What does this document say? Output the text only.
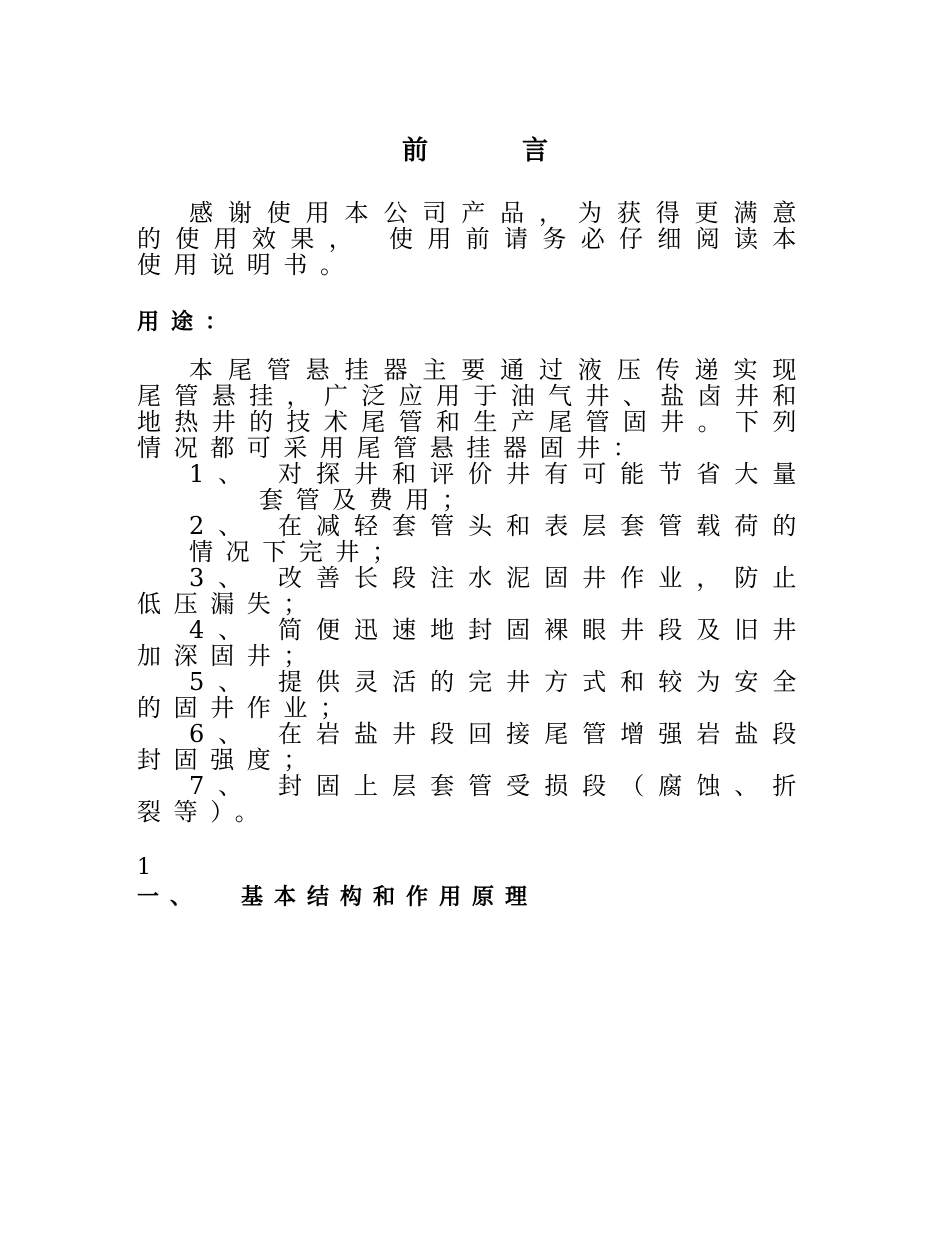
前	言
感谢使用本公司产品，为获得更满意的使用效果， 使用前请务必仔细阅读本使用说明书。
用途：
本尾管悬挂器主要通过液压传递实现尾管悬挂，广泛应用于油气井、盐卤井和地热井的技术尾管和生产尾管固井。下列情况都可采用尾管悬挂器固井：
1、 对探井和评价井有可能节省大量套管及费用；
2、 在减轻套管头和表层套管载荷的情况下完井；
3、 改善长段注水泥固井作业，防止低压漏失；
4、 简便迅速地封固裸眼井段及旧井加深固井；
5、 提供灵活的完井方式和较为安全的固井作业；
6、 在岩盐井段回接尾管增强岩盐段封固强度；
7、 封固上层套管受损段（腐蚀、折裂等）。
1
一、 基本结构和作用原理
